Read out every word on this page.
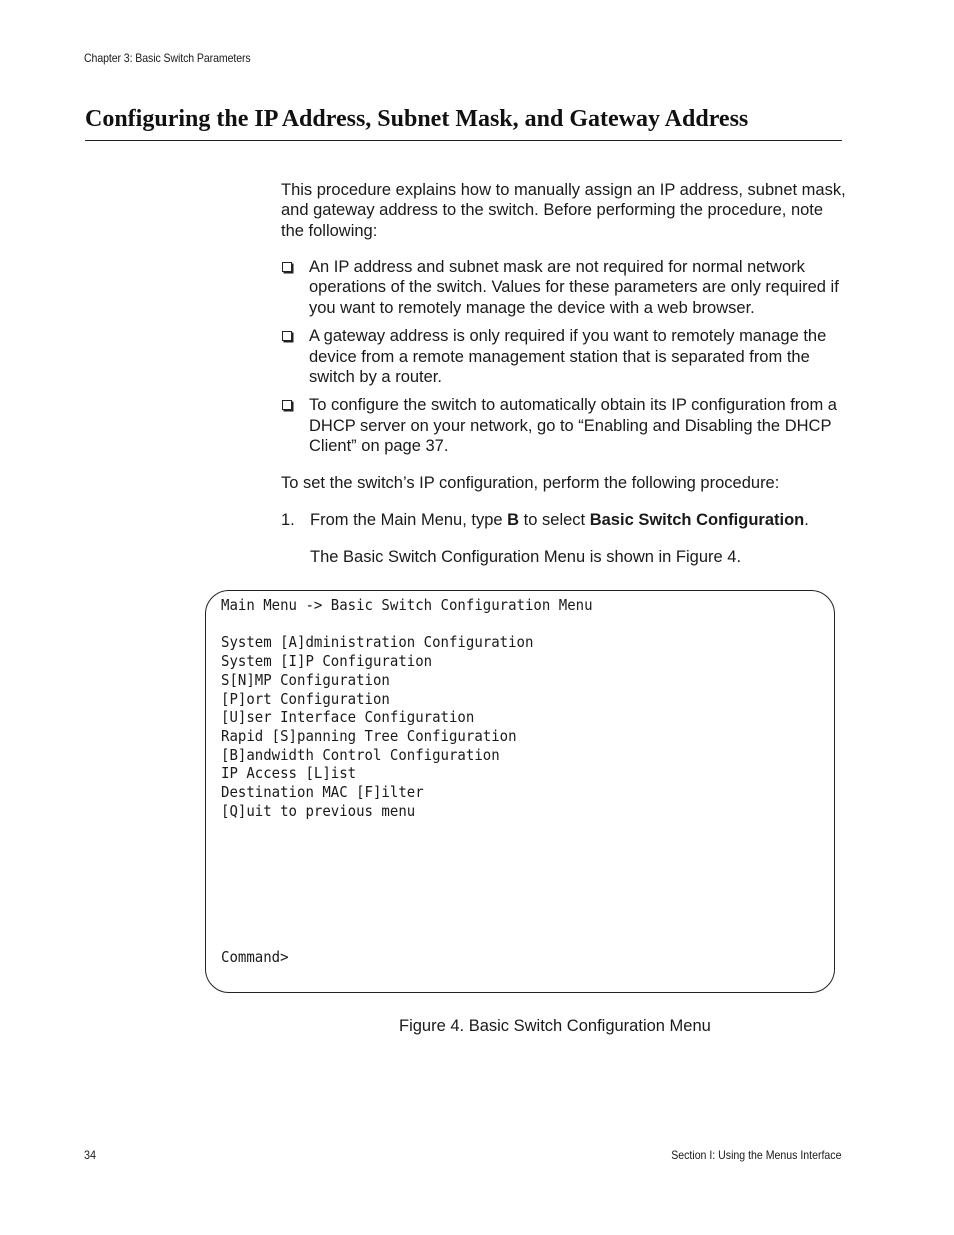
Chapter 3: Basic Switch Parameters
Configuring the IP Address, Subnet Mask, and Gateway Address
This procedure explains how to manually assign an IP address, subnet mask, and gateway address to the switch. Before performing the procedure, note the following:
An IP address and subnet mask are not required for normal network operations of the switch. Values for these parameters are only required if you want to remotely manage the device with a web browser.
A gateway address is only required if you want to remotely manage the device from a remote management station that is separated from the switch by a router.
To configure the switch to automatically obtain its IP configuration from a DHCP server on your network, go to “Enabling and Disabling the DHCP Client” on page 37.
To set the switch’s IP configuration, perform the following procedure:
1. From the Main Menu, type B to select Basic Switch Configuration.
The Basic Switch Configuration Menu is shown in Figure 4.
Main Menu -> Basic Switch Configuration Menu
System [A]dministration Configuration
System [I]P Configuration
S[N]MP Configuration
[P]ort Configuration
[U]ser Interface Configuration
Rapid [S]panning Tree Configuration
[B]andwidth Control Configuration
IP Access [L]ist
Destination MAC [F]ilter
[Q]uit to previous menu
Command>
Figure 4. Basic Switch Configuration Menu
34	Section I: Using the Menus Interface
